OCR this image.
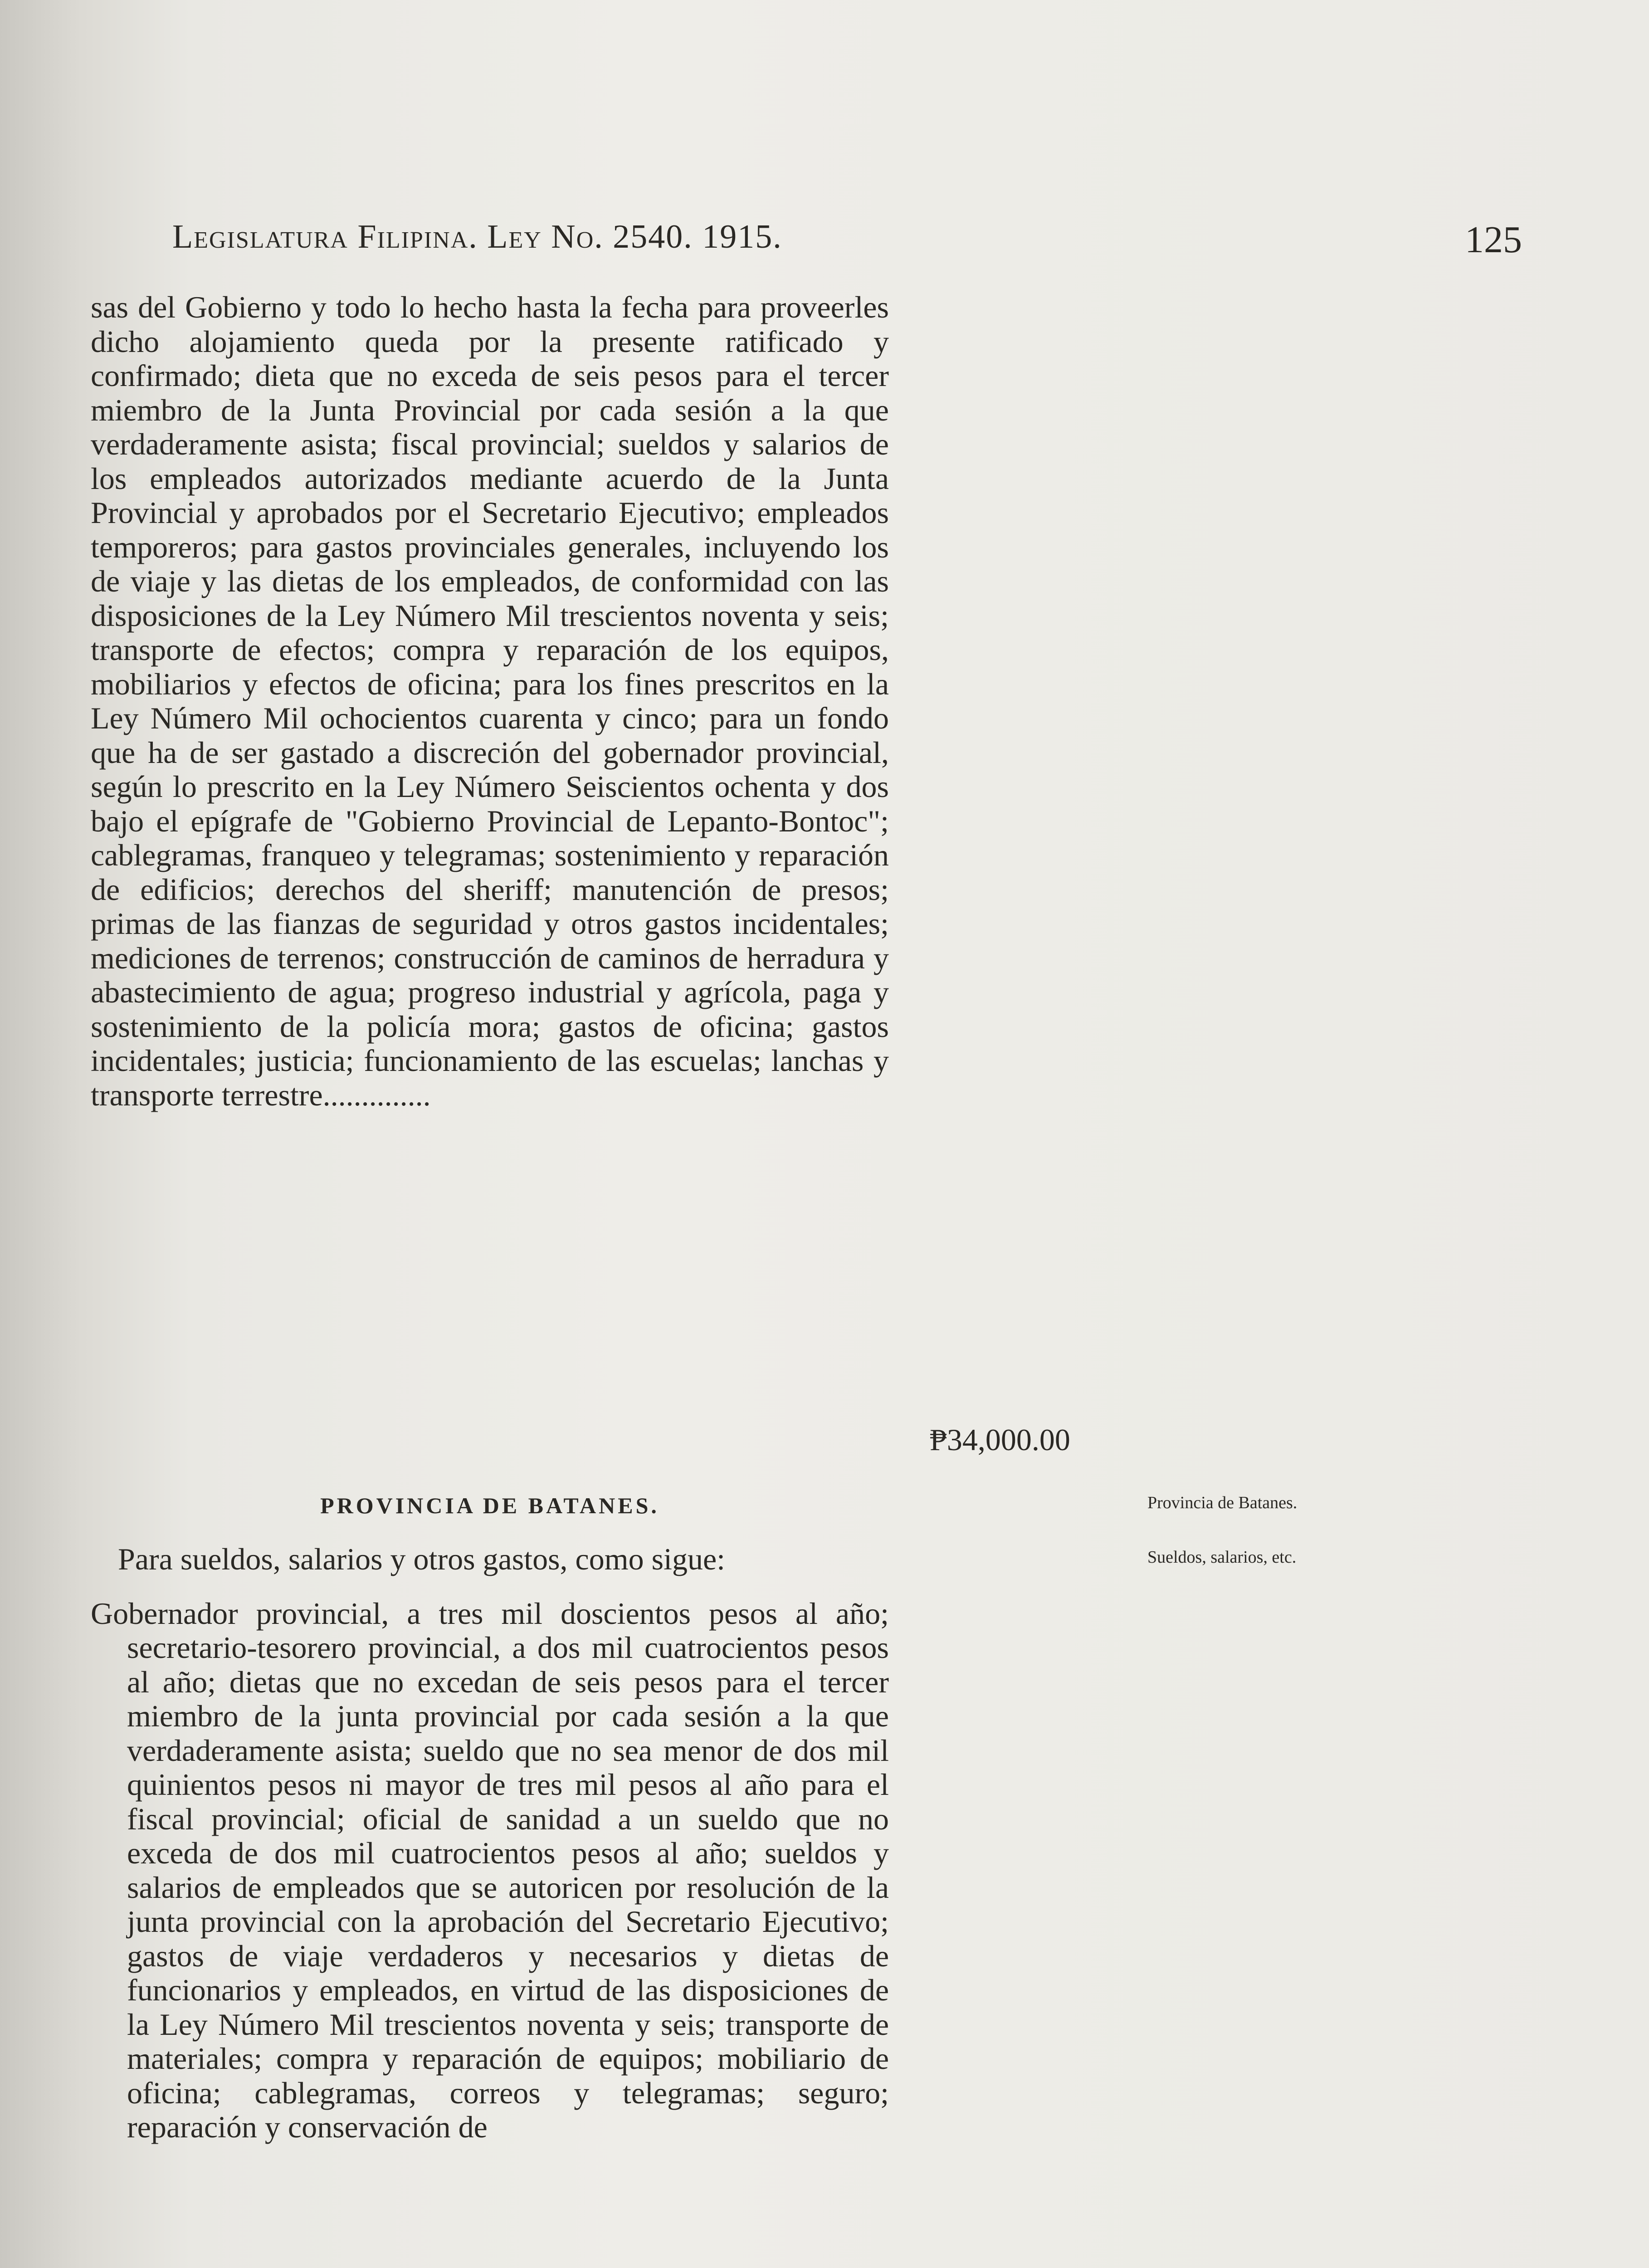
Legislatura Filipina. Ley No. 2540. 1915.	125

sas del Gobierno y todo lo hecho hasta la fecha para proveerles dicho alojamiento queda por la presente ratificado y confirmado; dieta que no exceda de seis pesos para el tercer miembro de la Junta Provincial por cada sesión a la que verdaderamente asista; fiscal provincial; sueldos y salarios de los empleados autorizados mediante acuerdo de la Junta Provincial y aprobados por el Secretario Ejecutivo; empleados temporeros; para gastos provinciales generales, incluyendo los de viaje y las dietas de los empleados, de conformidad con las disposiciones de la Ley Número Mil trescientos noventa y seis; transporte de efectos; compra y reparación de los equipos, mobiliarios y efectos de oficina; para los fines prescritos en la Ley Número Mil ochocientos cuarenta y cinco; para un fondo que ha de ser gastado a discreción del gobernador provincial, según lo prescrito en la Ley Número Seiscientos ochenta y dos bajo el epígrafe de "Gobierno Provincial de Lepanto-Bontoc"; cablegramas, franqueo y telegramas; sostenimiento y reparación de edificios; derechos del sheriff; manutención de presos; primas de las fianzas de seguridad y otros gastos incidentales; mediciones de terrenos; construcción de caminos de herradura y abastecimiento de agua; progreso industrial y agrícola, paga y sostenimiento de la policía mora; gastos de oficina; gastos incidentales; justicia; funcionamiento de las escuelas; lanchas y transporte terrestre..............

₱34,000.00
PROVINCIA DE BATANES.

Para sueldos, salarios y otros gastos, como sigue:

Gobernador provincial, a tres mil doscientos pesos al año; secretario-tesorero provincial, a dos mil cuatrocientos pesos al año; dietas que no excedan de seis pesos para el tercer miembro de la junta provincial por cada sesión a la que verdaderamente asista; sueldo que no sea menor de dos mil quinientos pesos ni mayor de tres mil pesos al año para el fiscal provincial; oficial de sanidad a un sueldo que no exceda de dos mil cuatrocientos pesos al año; sueldos y salarios de empleados que se autoricen por resolución de la junta provincial con la aprobación del Secretario Ejecutivo; gastos de viaje verdaderos y necesarios y dietas de funcionarios y empleados, en virtud de las disposiciones de la Ley Número Mil trescientos noventa y seis; transporte de materiales; compra y reparación de equipos; mobiliario de oficina; cablegramas, correos y telegramas; seguro; reparación y conservación de

Provincia de Batanes.
Sueldos, salarios, etc.
